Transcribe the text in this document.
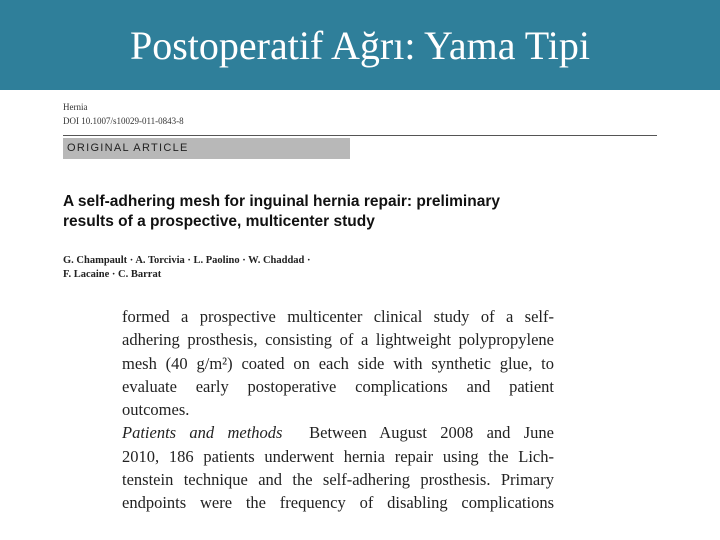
Postoperatif Ağrı: Yama Tipi
Hernia
DOI 10.1007/s10029-011-0843-8
ORIGINAL ARTICLE
A self-adhering mesh for inguinal hernia repair: preliminary
results of a prospective, multicenter study
G. Champault · A. Torcivia · L. Paolino · W. Chaddad ·
F. Lacaine · C. Barrat

formed a prospective multicenter clinical study of a self-

adhering prosthesis, consisting of a lightweight polypropylene

mesh (40 g/m²) coated on each side with synthetic glue, to

evaluate early postoperative complications and patient

outcomes.

Patients and methods  Between August 2008 and June

2010, 186 patients underwent hernia repair using the Lich-

tenstein technique and the self-adhering prosthesis. Primary

endpoints were the frequency of disabling complications
